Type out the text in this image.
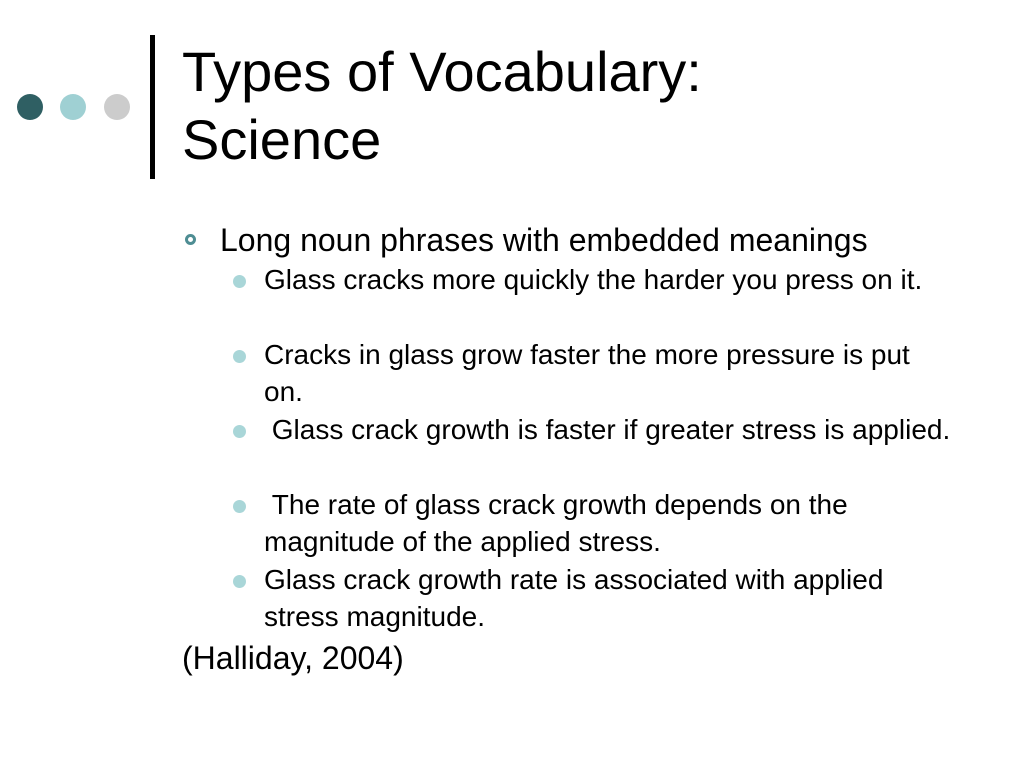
Types of Vocabulary:
Science
Long noun phrases with embedded meanings
Glass cracks more quickly the harder you press on it.
Cracks in glass grow faster the more pressure is put on.
Glass crack growth is faster if greater stress is applied.
The rate of glass crack growth depends on the magnitude of the applied stress.
Glass crack growth rate is associated with applied stress magnitude.
(Halliday, 2004)
